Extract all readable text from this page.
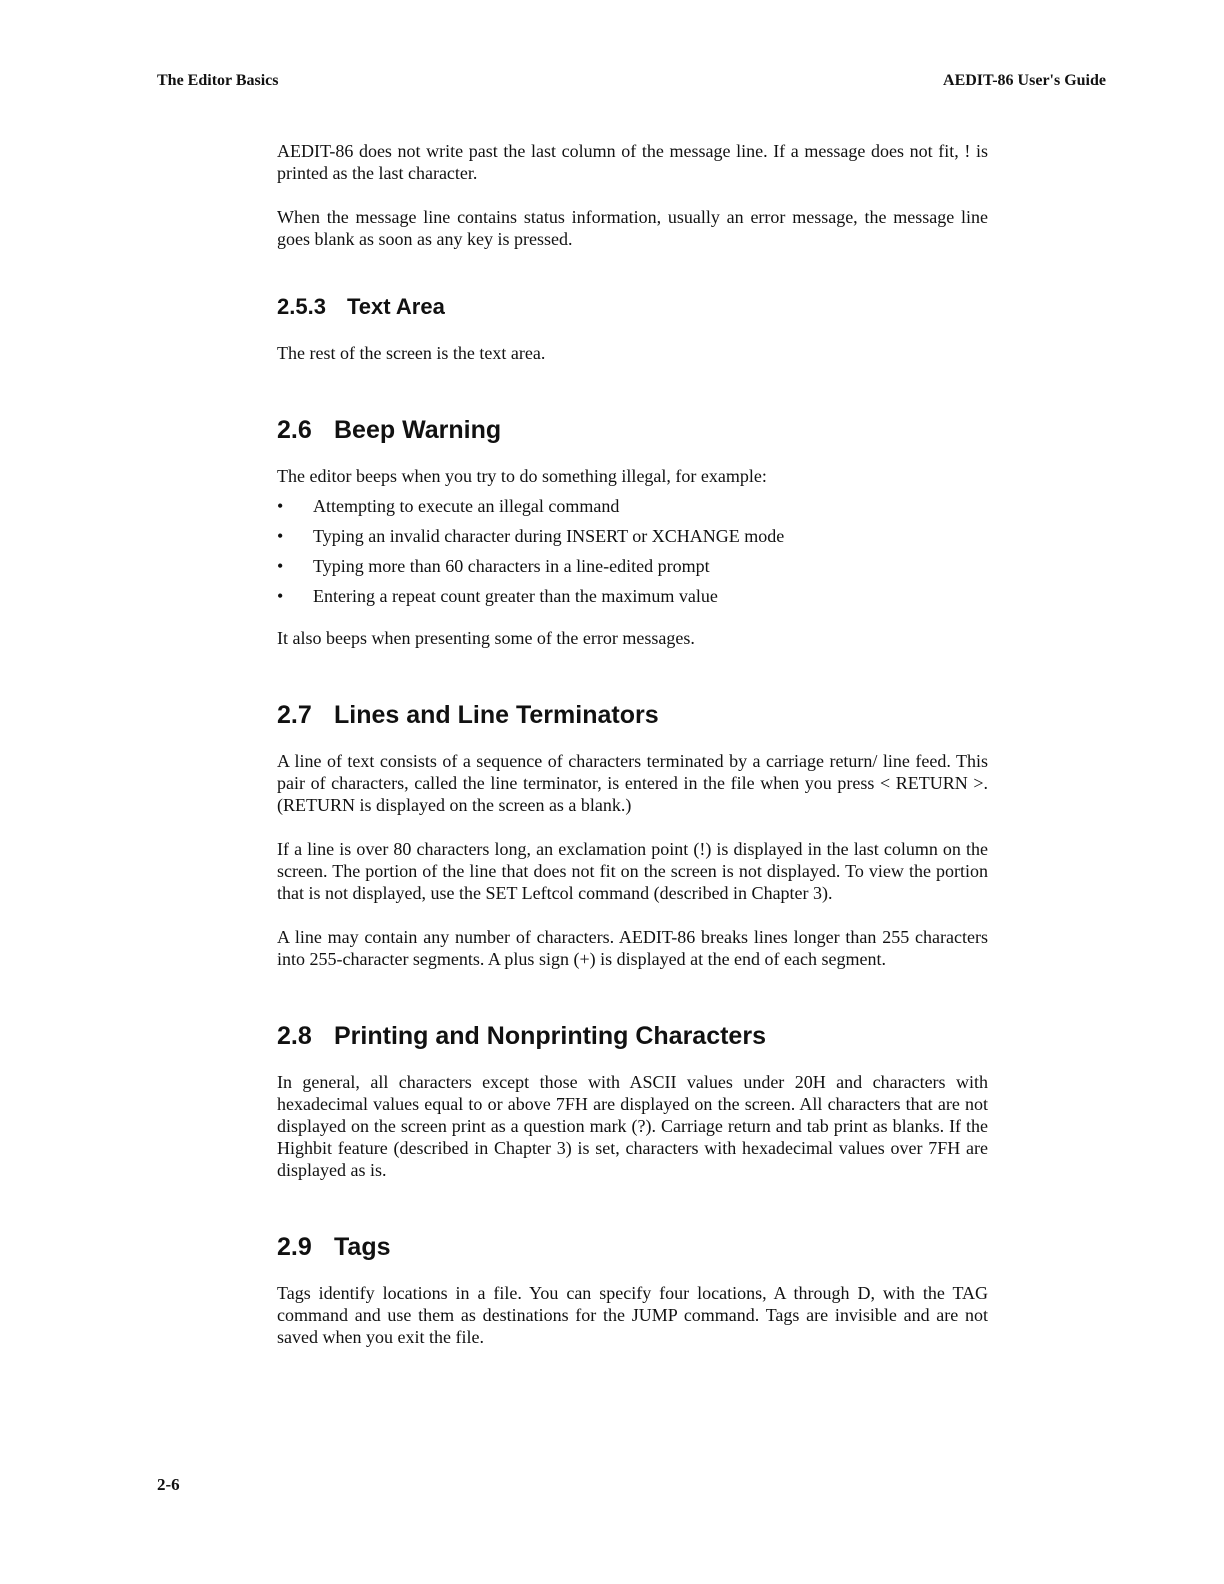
The Editor Basics	AEDIT-86 User's Guide

AEDIT-86 does not write past the last column of the message line. If a message does not fit, ! is printed as the last character.

When the message line contains status information, usually an error message, the message line goes blank as soon as any key is pressed.

2.5.3 Text Area

The rest of the screen is the text area.

2.6 Beep Warning

The editor beeps when you try to do something illegal, for example:

• Attempting to execute an illegal command
• Typing an invalid character during INSERT or XCHANGE mode
• Typing more than 60 characters in a line-edited prompt
• Entering a repeat count greater than the maximum value

It also beeps when presenting some of the error messages.

2.7 Lines and Line Terminators

A line of text consists of a sequence of characters terminated by a carriage return/ line feed. This pair of characters, called the line terminator, is entered in the file when you press < RETURN >. (RETURN is displayed on the screen as a blank.)

If a line is over 80 characters long, an exclamation point (!) is displayed in the last column on the screen. The portion of the line that does not fit on the screen is not displayed. To view the portion that is not displayed, use the SET Leftcol command (described in Chapter 3).

A line may contain any number of characters. AEDIT-86 breaks lines longer than 255 characters into 255-character segments. A plus sign (+) is displayed at the end of each segment.

2.8 Printing and Nonprinting Characters

In general, all characters except those with ASCII values under 20H and characters with hexadecimal values equal to or above 7FH are displayed on the screen. All characters that are not displayed on the screen print as a question mark (?). Carriage return and tab print as blanks. If the Highbit feature (described in Chapter 3) is set, characters with hexadecimal values over 7FH are displayed as is.

2.9 Tags

Tags identify locations in a file. You can specify four locations, A through D, with the TAG command and use them as destinations for the JUMP command. Tags are invisible and are not saved when you exit the file.

2-6
